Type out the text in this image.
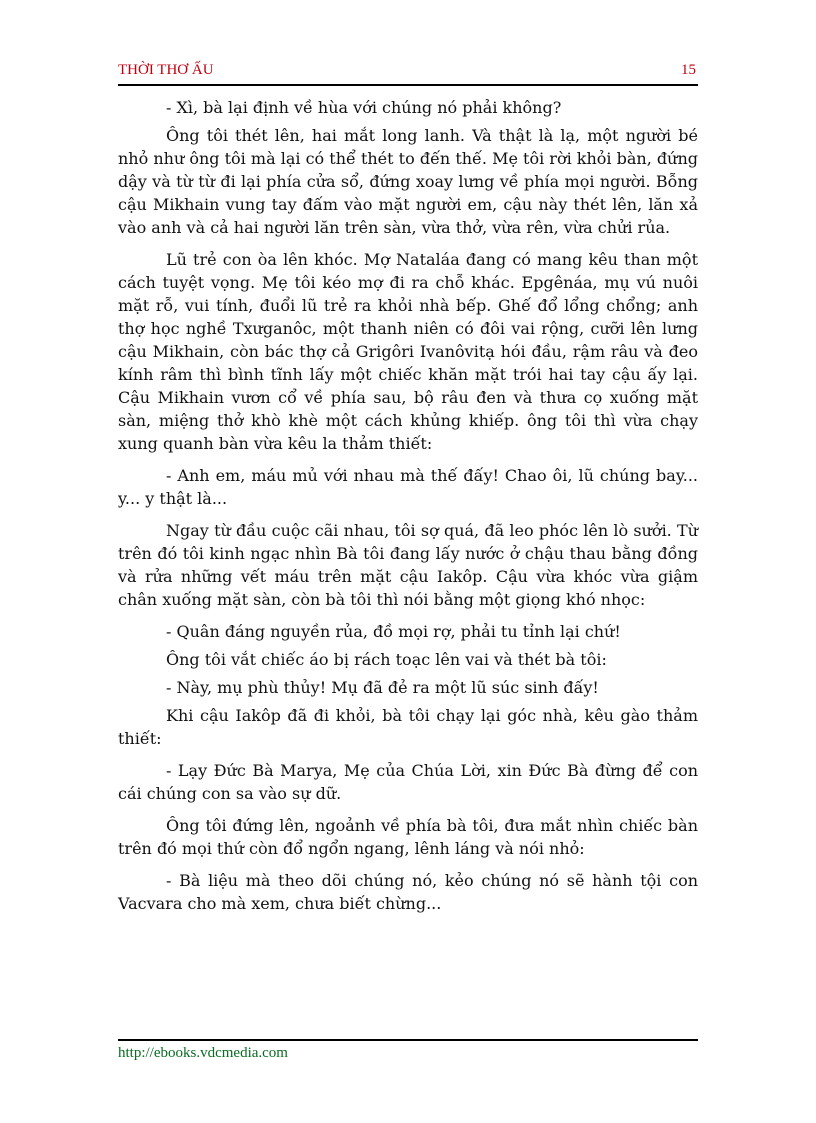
THỜI THƠ ẤU	15

- Xì, bà lại định về hùa với chúng nó phải không?

Ông tôi thét lên, hai mắt long lanh. Và thật là lạ, một người bé nhỏ như ông tôi mà lại có thể thét to đến thế. Mẹ tôi rời khỏi bàn, đứng dậy và từ từ đi lại phía cửa sổ, đứng xoay lưng về phía mọi người. Bỗng cậu Mikhain vung tay đấm vào mặt người em, cậu này thét lên, lăn xả vào anh và cả hai người lăn trên sàn, vừa thở, vừa rên, vừa chửi rủa.

Lũ trẻ con òa lên khóc. Mợ Nataláa đang có mang kêu than một cách tuyệt vọng. Mẹ tôi kéo mợ đi ra chỗ khác. Epgênáa, mụ vú nuôi mặt rỗ, vui tính, đuổi lũ trẻ ra khỏi nhà bếp. Ghế đổ lổng chổng; anh thợ học nghề Txưganôc, một thanh niên có đôi vai rộng, cưỡi lên lưng cậu Mikhain, còn bác thợ cả Grigôri Ivanôvitạ hói đầu, rậm râu và đeo kính râm thì bình tĩnh lấy một chiếc khăn mặt trói hai tay cậu ấy lại. Cậu Mikhain vươn cổ về phía sau, bộ râu đen và thưa cọ xuống mặt sàn, miệng thở khò khè một cách khủng khiếp. ông tôi thì vừa chạy xung quanh bàn vừa kêu la thảm thiết:

- Anh em, máu mủ với nhau mà thế đấy! Chao ôi, lũ chúng bay... y... y thật là...

Ngay từ đầu cuộc cãi nhau, tôi sợ quá, đã leo phóc lên lò sưởi. Từ trên đó tôi kinh ngạc nhìn Bà tôi đang lấy nước ở chậu thau bằng đồng và rửa những vết máu trên mặt cậu Iakôp. Cậu vừa khóc vừa giậm chân xuống mặt sàn, còn bà tôi thì nói bằng một giọng khó nhọc:

- Quân đáng nguyền rủa, đồ mọi rợ, phải tu tỉnh lại chứ!

Ông tôi vắt chiếc áo bị rách toạc lên vai và thét bà tôi:

- Này, mụ phù thủy! Mụ đã đẻ ra một lũ súc sinh đấy!

Khi cậu Iakôp đã đi khỏi, bà tôi chạy lại góc nhà, kêu gào thảm thiết:

- Lạy Đức Bà Marya, Mẹ của Chúa Lời, xin Đức Bà đừng để con cái chúng con sa vào sự dữ.

Ông tôi đứng lên, ngoảnh về phía bà tôi, đưa mắt nhìn chiếc bàn trên đó mọi thứ còn đổ ngổn ngang, lênh láng và nói nhỏ:

- Bà liệu mà theo dõi chúng nó, kẻo chúng nó sẽ hành tội con Vacvara cho mà xem, chưa biết chừng...

http://ebooks.vdcmedia.com
